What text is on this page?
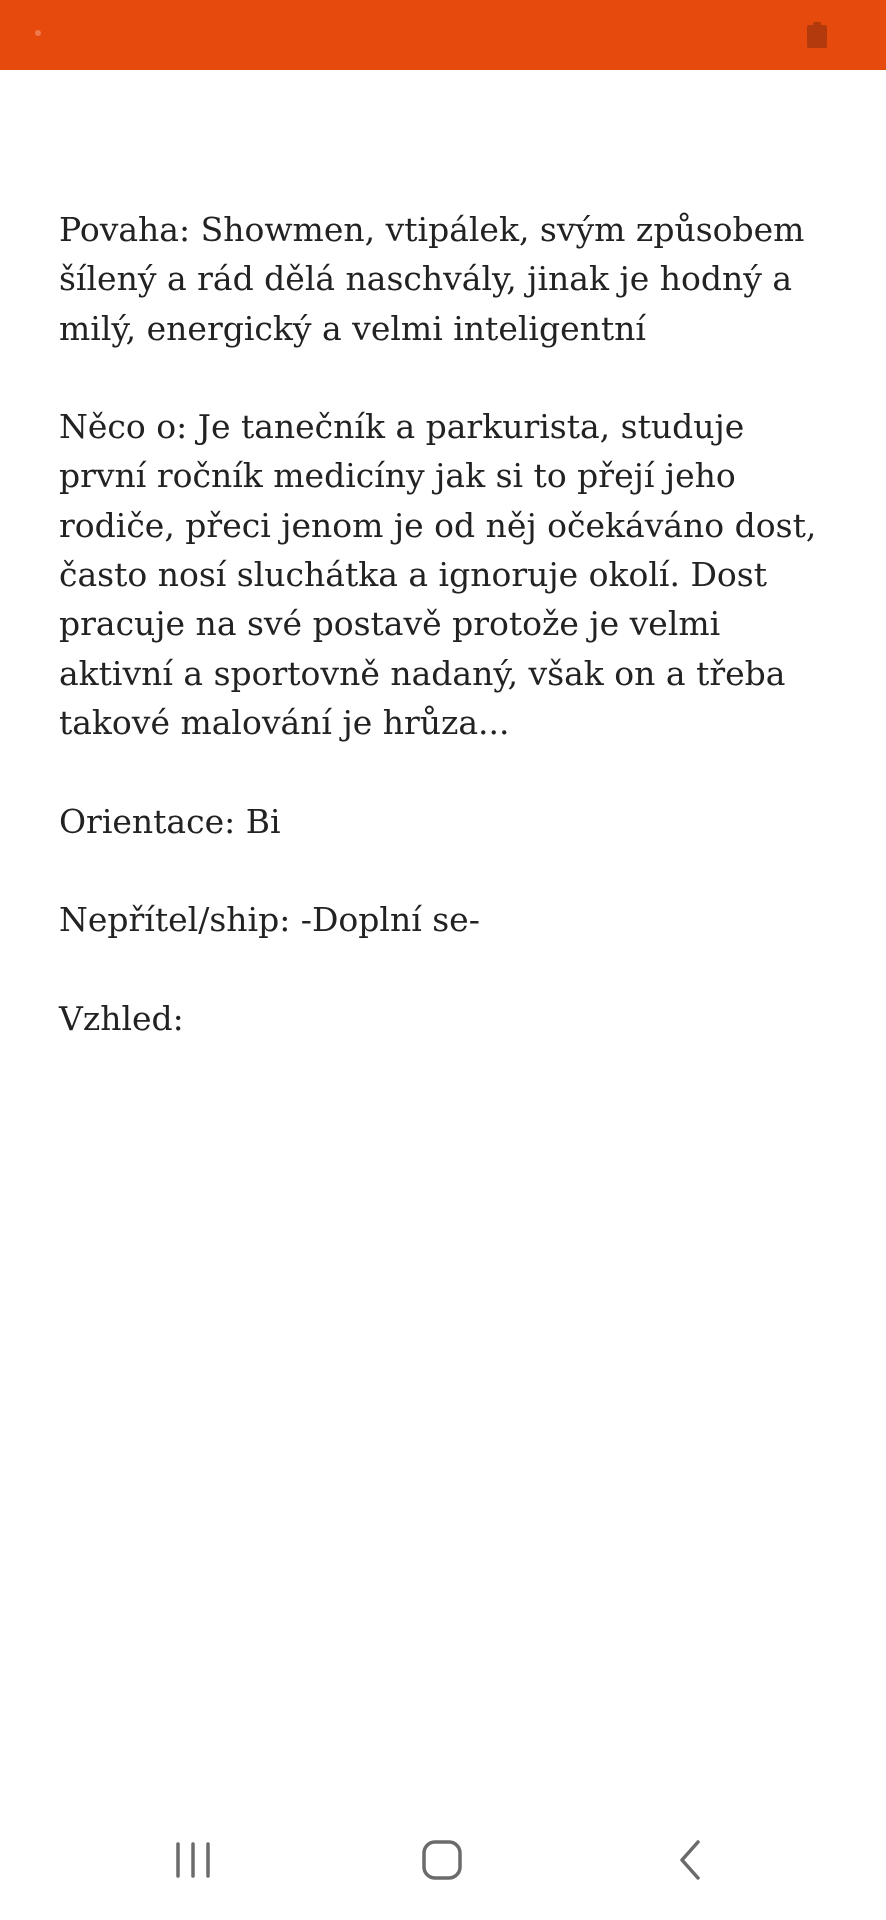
Povaha: Showmen, vtipálek, svým způsobem šílený a rád dělá naschvály, jinak je hodný a milý, energický a velmi inteligentní

Něco o: Je tanečník a parkurista, studuje první ročník medicíny jak si to přejí jeho rodiče, přeci jenom je od něj očekáváno dost, často nosí sluchátka a ignoruje okolí. Dost pracuje na své postavě protože je velmi aktivní a sportovně nadaný, však on a třeba takové malování je hrůza...

Orientace: Bi

Nepřítel/ship: -Doplní se-

Vzhled:
